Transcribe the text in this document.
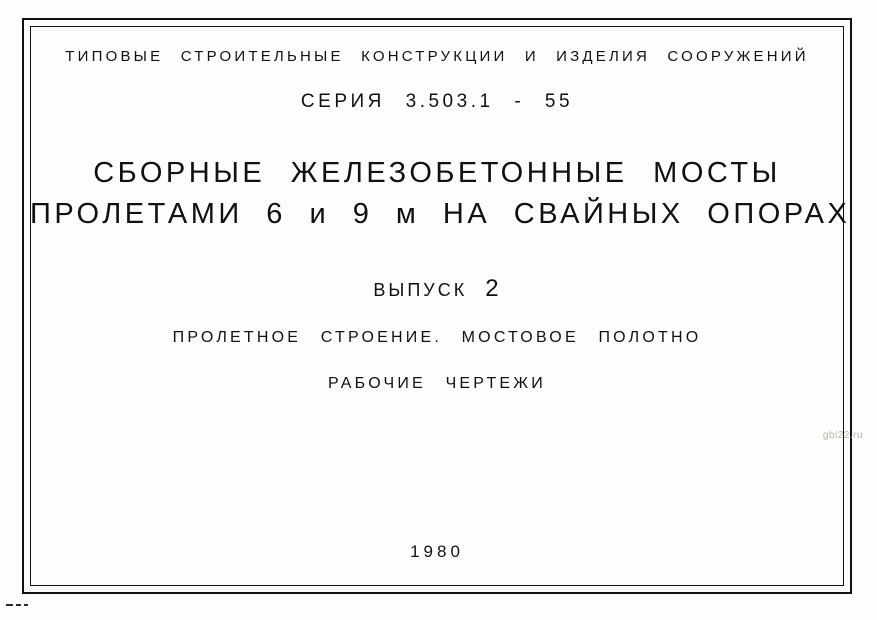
ТИПОВЫЕ СТРОИТЕЛЬНЫЕ КОНСТРУКЦИИ И ИЗДЕЛИЯ СООРУЖЕНИЙ
СЕРИЯ 3.503.1 - 55
СБОРНЫЕ ЖЕЛЕЗОБЕТОННЫЕ МОСТЫ
ПРОЛЕТАМИ 6 и 9 м НА СВАЙНЫХ ОПОРАХ
ВЫПУСК 2
ПРОЛЕТНОЕ СТРОЕНИЕ. МОСТОВОЕ ПОЛОТНО
РАБОЧИЕ ЧЕРТЕЖИ
1980
gbi22.ru
